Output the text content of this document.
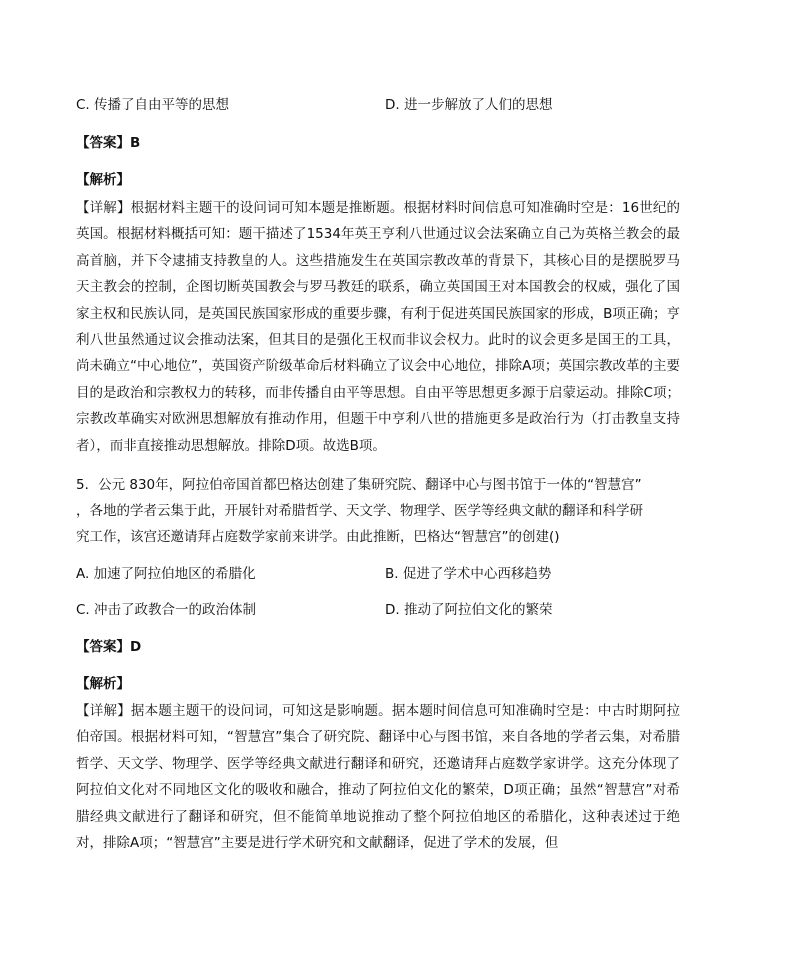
C. 传播了自由平等的思想	D. 进一步解放了人们的思想
【答案】B
【解析】
【详解】根据材料主题干的设问词可知本题是推断题。根据材料时间信息可知准确时空是：16世纪的英国。根据材料概括可知：题干描述了1534年英王亨利八世通过议会法案确立自己为英格兰教会的最高首脑，并下令逮捕支持教皇的人。这些措施发生在英国宗教改革的背景下，其核心目的是摆脱罗马天主教会的控制，企图切断英国教会与罗马教廷的联系，确立英国国王对本国教会的权威，强化了国家主权和民族认同，是英国民族国家形成的重要步骤，有利于促进英国民族国家的形成，B项正确；亨利八世虽然通过议会推动法案，但其目的是强化王权而非议会权力。此时的议会更多是国王的工具，尚未确立“中心地位”，英国资产阶级革命后材料确立了议会中心地位，排除A项；英国宗教改革的主要目的是政治和宗教权力的转移，而非传播自由平等思想。自由平等思想更多源于启蒙运动。排除C项；宗教改革确实对欧洲思想解放有推动作用，但题干中亨利八世的措施更多是政治行为（打击教皇支持者），而非直接推动思想解放。排除D项。故选B项。
5．公元 830年，阿拉伯帝国首都巴格达创建了集研究院、翻译中心与图书馆于一体的“智慧宫”
，各地的学者云集于此，开展针对希腊哲学、天文学、物理学、医学等经典文献的翻译和科学研
究工作，该宫还邀请拜占庭数学家前来讲学。由此推断，巴格达“智慧宫”的创建()
A. 加速了阿拉伯地区的希腊化	B. 促进了学术中心西移趋势
C. 冲击了政教合一的政治体制	D. 推动了阿拉伯文化的繁荣
【答案】D
【解析】
【详解】据本题主题干的设问词，可知这是影响题。据本题时间信息可知准确时空是：中古时期阿拉伯帝国。根据材料可知，“智慧宫”集合了研究院、翻译中心与图书馆，来自各地的学者云集，对希腊哲学、天文学、物理学、医学等经典文献进行翻译和研究，还邀请拜占庭数学家讲学。这充分体现了阿拉伯文化对不同地区文化的吸收和融合，推动了阿拉伯文化的繁荣，D项正确；虽然“智慧宫”对希腊经典文献进行了翻译和研究，但不能简单地说推动了整个阿拉伯地区的希腊化，这种表述过于绝对，排除A项；“智慧宫”主要是进行学术研究和文献翻译，促进了学术的发展，但
